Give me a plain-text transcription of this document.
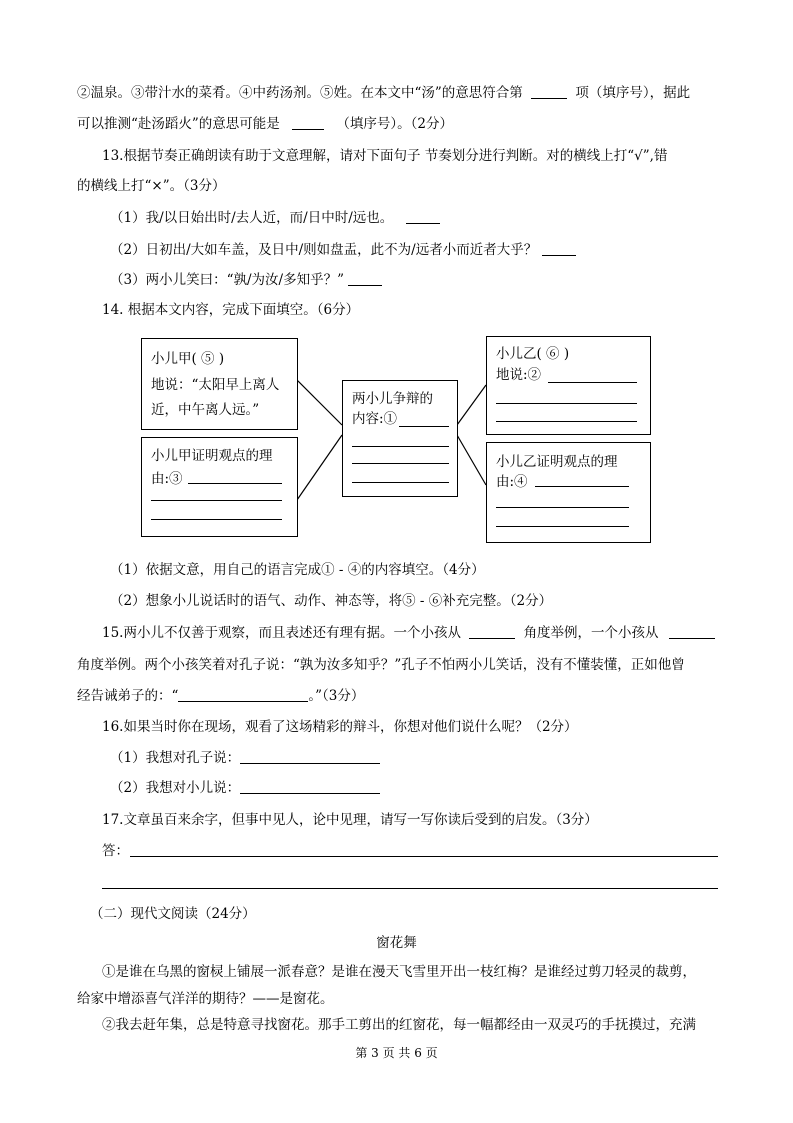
②温泉。③带汁水的菜肴。④中药汤剂。⑤姓。在本文中“汤”的意思符合第	项（填序号），据此
可以推测“赴汤蹈火”的意思可能是	（填序号）。（2分）
13.根据节奏正确朗读有助于文意理解，请对下面句子 节奏划分进行判断。对的横线上打“√”,错
的横线上打“×”。（3分）
（1）我/以日始出时/去人近，而/日中时/远也。
（2）日初出/大如车盖，及日中/则如盘盂，此不为/远者小而近者大乎？
（3）两小儿笑曰：“孰/为汝/多知乎？”
14. 根据本文内容，完成下面填空。（6分）
小儿甲( ⑤ )
地说：“太阳早上离人
近，中午离人远。”
小儿甲证明观点的理
由:③
两小儿争辩的
内容:①
小儿乙( ⑥ )
地说:②
小儿乙证明观点的理
由:④
（1）依据文意，用自己的语言完成① - ④的内容填空。（4分）
（2）想象小儿说话时的语气、动作、神态等，将⑤ - ⑥补充完整。（2分）
15.两小儿不仅善于观察，而且表述还有理有据。一个小孩从	角度举例，一个小孩从
角度举例。两个小孩笑着对孔子说：“孰为汝多知乎？”孔子不怕两小儿笑话，没有不懂装懂，正如他曾
经告诫弟子的：“	。”（3分）
16.如果当时你在现场，观看了这场精彩的辩斗，你想对他们说什么呢？（2分）
（1）我想对孔子说：
（2）我想对小儿说：
17.文章虽百来余字，但事中见人，论中见理，请写一写你读后受到的启发。（3分）
答：
（二）现代文阅读（24分）
窗花舞
①是谁在乌黑的窗棂上铺展一派春意？是谁在漫天飞雪里开出一枝红梅？是谁经过剪刀轻灵的裁剪，
给家中增添喜气洋洋的期待？——是窗花。
②我去赶年集，总是特意寻找窗花。那手工剪出的红窗花，每一幅都经由一双灵巧的手抚摸过，充满
第 3 页 共 6 页
